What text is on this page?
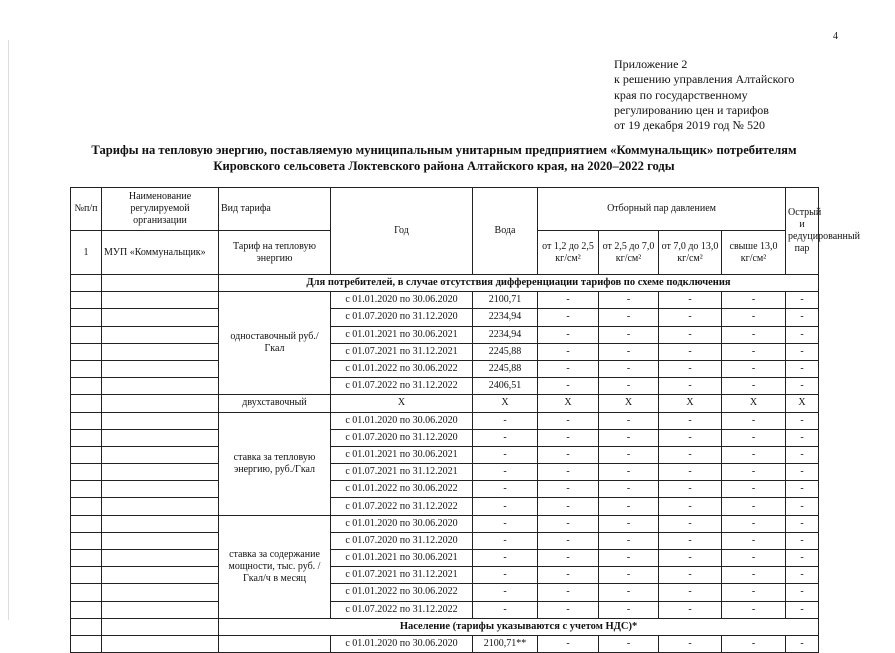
4
Приложение 2
к решению управления Алтайского
края по государственному
регулированию цен и тарифов
от 19 декабря 2019 год № 520
Тарифы на тепловую энергию, поставляемую муниципальным унитарным предприятием «Коммунальщик» потребителям
Кировского сельсовета Локтевского района Алтайского края, на 2020–2022 годы
№п/п	Наименование регулируемой организации	Вид тарифа	Год	Вода	Отборный пар давлением				Острый и редуцированный пар
1	МУП «Коммунальщик»	Тариф на тепловую энергию			от 1,2 до 2,5 кг/см²	от 2,5 до 7,0 кг/см²	от 7,0 до 13,0 кг/см²	свыше 13,0 кг/см²	
		Для потребителей, в случае отсутствия дифференциации тарифов по схеме подключения							
		одноставочный руб./Гкал	с 01.01.2020 по 30.06.2020	2100,71	-	-	-	-	-
			с 01.07.2020 по 31.12.2020	2234,94	-	-	-	-	-
			с 01.01.2021 по 30.06.2021	2234,94	-	-	-	-	-
			с 01.07.2021 по 31.12.2021	2245,88	-	-	-	-	-
			с 01.01.2022 по 30.06.2022	2245,88	-	-	-	-	-
			с 01.07.2022 по 31.12.2022	2406,51	-	-	-	-	-
		двухставочный	Х	Х	Х	Х	Х	Х	Х
		ставка за тепловую энергию, руб./Гкал	с 01.01.2020 по 30.06.2020	-	-	-	-	-	-
			с 01.07.2020 по 31.12.2020	-	-	-	-	-	-
			с 01.01.2021 по 30.06.2021	-	-	-	-	-	-
			с 01.07.2021 по 31.12.2021	-	-	-	-	-	-
			с 01.01.2022 по 30.06.2022	-	-	-	-	-	-
			с 01.07.2022 по 31.12.2022	-	-	-	-	-	-
		ставка за содержание мощности, тыс. руб. /Гкал/ч в месяц	с 01.01.2020 по 30.06.2020	-	-	-	-	-	-
			с 01.07.2020 по 31.12.2020	-	-	-	-	-	-
			с 01.01.2021 по 30.06.2021	-	-	-	-	-	-
			с 01.07.2021 по 31.12.2021	-	-	-	-	-	-
			с 01.01.2022 по 30.06.2022	-	-	-	-	-	-
			с 01.07.2022 по 31.12.2022	-	-	-	-	-	-
		Население (тарифы указываются с учетом НДС)*							
			с 01.01.2020 по 30.06.2020	2100,71**	-	-	-	-	-
